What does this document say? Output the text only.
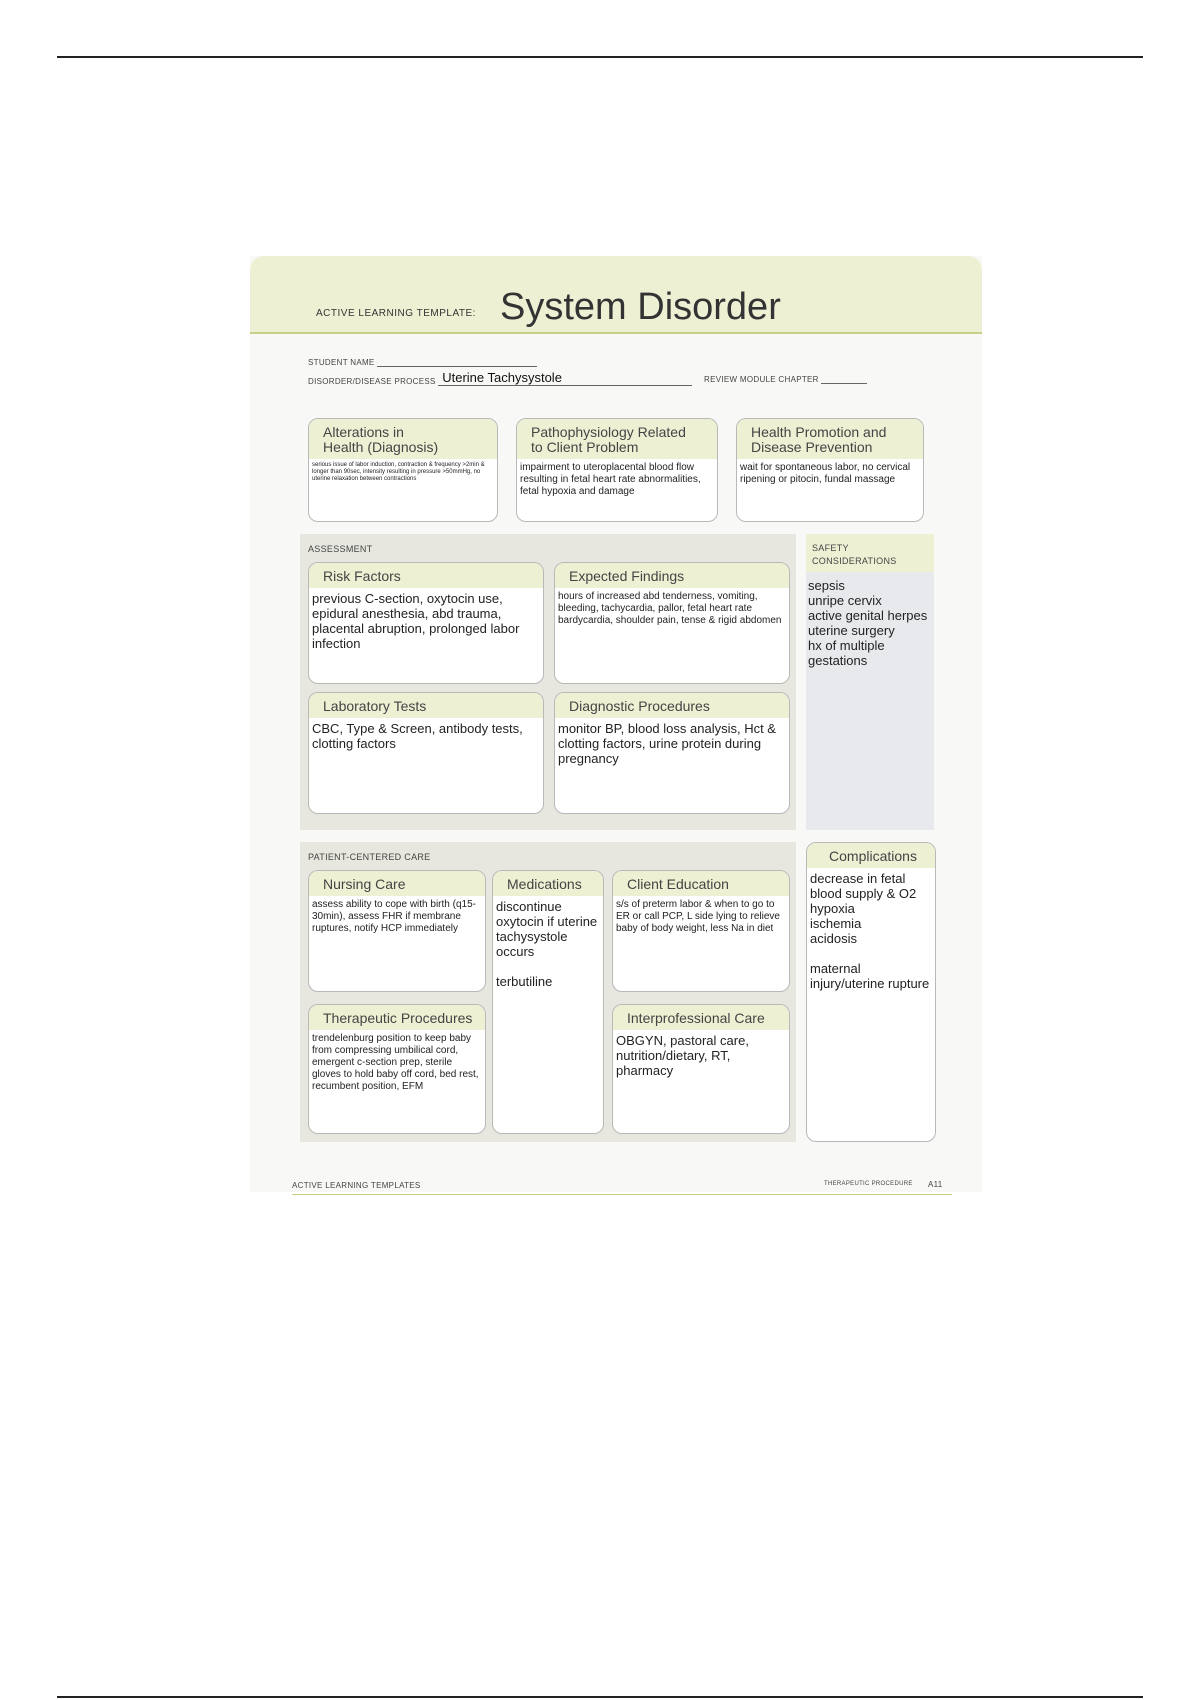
ACTIVE LEARNING TEMPLATE: System Disorder
STUDENT NAME
DISORDER/DISEASE PROCESS Uterine Tachysystole	REVIEW MODULE CHAPTER
Alterations in
Health (Diagnosis)
serious issue of labor induction, contraction & frequency >2min & longer than 90sec, intensity resulting in pressure >50mmHg, no uterine relaxation between contractions
Pathophysiology Related
to Client Problem
impairment to uteroplacental blood flow resulting in fetal heart rate abnormalities, fetal hypoxia and damage
Health Promotion and
Disease Prevention
wait for spontaneous labor, no cervical ripening or pitocin, fundal massage
ASSESSMENT
Risk Factors
previous C-section, oxytocin use, epidural anesthesia, abd trauma, placental abruption, prolonged labor infection
Expected Findings
hours of increased abd tenderness, vomiting, bleeding, tachycardia, pallor, fetal heart rate bardycardia, shoulder pain, tense & rigid abdomen
Laboratory Tests
CBC, Type & Screen, antibody tests, clotting factors
Diagnostic Procedures
monitor BP, blood loss analysis, Hct & clotting factors, urine protein during pregnancy
SAFETY
CONSIDERATIONS
sepsis
unripe cervix
active genital herpes
uterine surgery
hx of multiple gestations
PATIENT-CENTERED CARE
Nursing Care
assess ability to cope with birth (q15-30min), assess FHR if membrane ruptures, notify HCP immediately
Medications
discontinue oxytocin if uterine tachysystole occurs

terbutiline
Client Education
s/s of preterm labor & when to go to ER or call PCP, L side lying to relieve baby of body weight, less Na in diet
Therapeutic Procedures
trendelenburg position to keep baby from compressing umbilical cord, emergent c-section prep, sterile gloves to hold baby off cord, bed rest, recumbent position, EFM
Interprofessional Care
OBGYN, pastoral care, nutrition/dietary, RT, pharmacy
Complications
decrease in fetal blood supply & O2
hypoxia
ischemia
acidosis

maternal injury/uterine rupture
ACTIVE LEARNING TEMPLATES	THERAPEUTIC PROCEDURE A11
